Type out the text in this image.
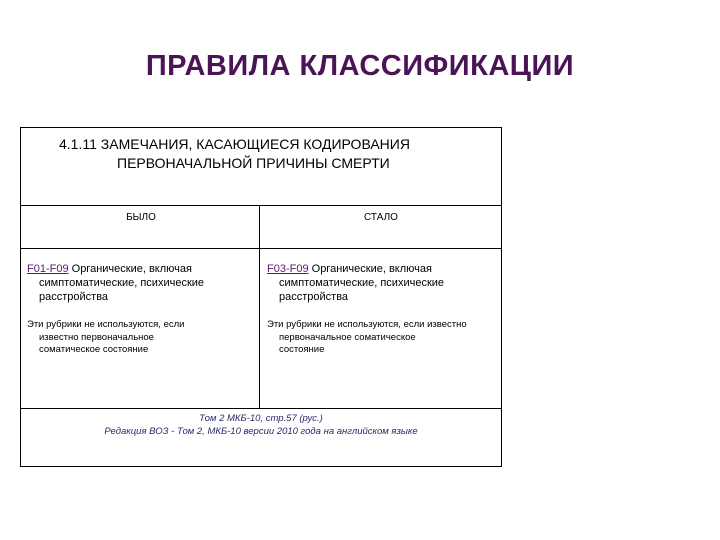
ПРАВИЛА КЛАССИФИКАЦИИ
4.1.11 ЗАМЕЧАНИЯ, КАСАЮЩИЕСЯ КОДИРОВАНИЯ
ПЕРВОНАЧАЛЬНОЙ ПРИЧИНЫ СМЕРТИ
БЫЛО	СТАЛО
F01-F09 Органические, включая
симптоматические, психические
расстройства
F03-F09 Органические, включая
симптоматические, психические
расстройства
Эти рубрики не используются, если
известно первоначальное
соматическое состояние
Эти рубрики не используются, если известно
первоначальное соматическое
состояние
Том 2 МКБ-10, стр.57 (рус.)
Редакция ВОЗ - Том 2, МКБ-10 версии 2010 года на английском языке
